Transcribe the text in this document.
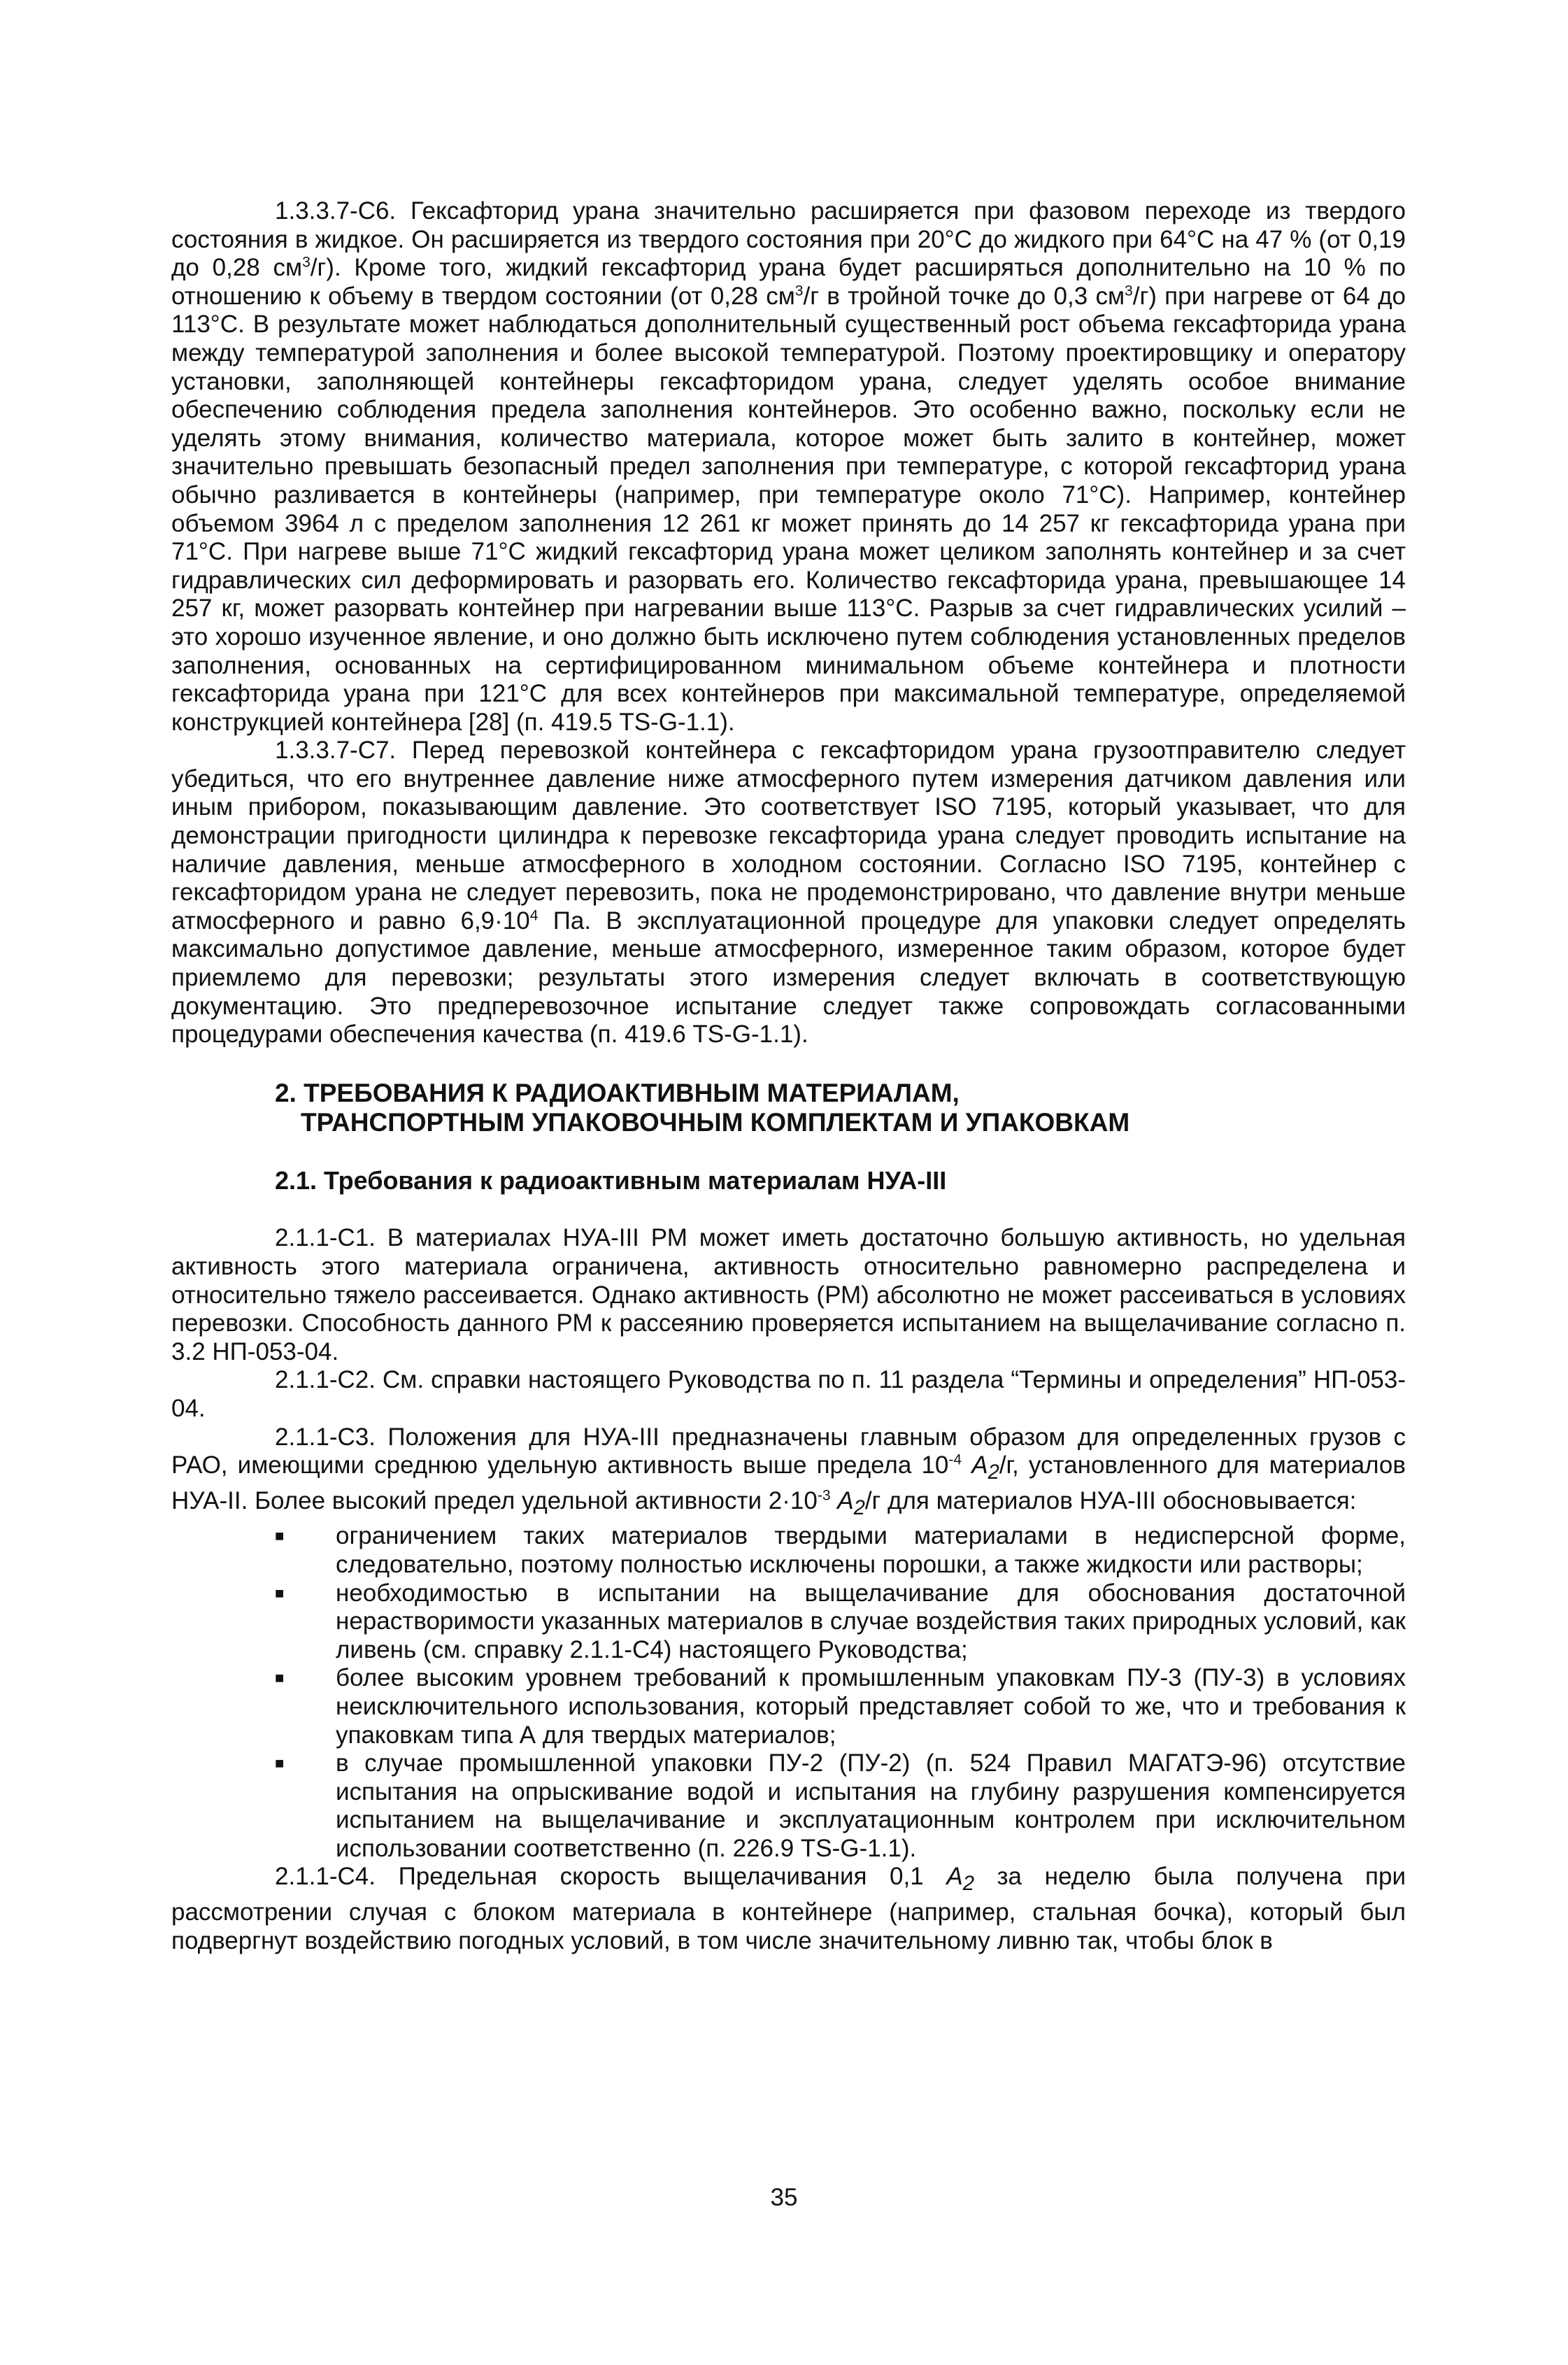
1.3.3.7-С6. Гексафторид урана значительно расширяется при фазовом переходе из твердого состояния в жидкое. Он расширяется из твердого состояния при 20°С до жидкого при 64°С на 47 % (от 0,19 до 0,28 $см^3/г$). Кроме того, жидкий гексафторид урана будет расширяться дополнительно на 10 % по отношению к объему в твердом состоянии (от 0,28 $см^3/г$ в тройной точке до 0,3 $см^3/г$) при нагреве от 64 до 113°С. В результате может наблюдаться дополнительный существенный рост объема гексафторида урана между температурой заполнения и более высокой температурой. Поэтому проектировщику и оператору установки, заполняющей контейнеры гексафторидом урана, следует уделять особое внимание обеспечению соблюдения предела заполнения контейнеров. Это особенно важно, поскольку если не уделять этому внимания, количество материала, которое может быть залито в контейнер, может значительно превышать безопасный предел заполнения при температуре, с которой гексафторид урана обычно разливается в контейнеры (например, при температуре около 71°С). Например, контейнер объемом 3964 л с пределом заполнения 12 261 кг может принять до 14 257 кг гексафторида урана при 71°С. При нагреве выше 71°С жидкий гексафторид урана может целиком заполнять контейнер и за счет гидравлических сил деформировать и разорвать его. Количество гексафторида урана, превышающее 14 257 кг, может разорвать контейнер при нагревании выше 113°С. Разрыв за счет гидравлических усилий – это хорошо изученное явление, и оно должно быть исключено путем соблюдения установленных пределов заполнения, основанных на сертифицированном минимальном объеме контейнера и плотности гексафторида урана при 121°С для всех контейнеров при максимальной температуре, определяемой конструкцией контейнера [28] (п. 419.5 TS-G-1.1).

1.3.3.7-С7. Перед перевозкой контейнера с гексафторидом урана грузоотправителю следует убедиться, что его внутреннее давление ниже атмосферного путем измерения датчиком давления или иным прибором, показывающим давление. Это соответствует ISO 7195, который указывает, что для демонстрации пригодности цилиндра к перевозке гексафторида урана следует проводить испытание на наличие давления, меньше атмосферного в холодном состоянии. Согласно ISO 7195, контейнер с гексафторидом урана не следует перевозить, пока не продемонстрировано, что давление внутри меньше атмосферного и равно $6,9\cdot 10^4$ Па. В эксплуатационной процедуре для упаковки следует определять максимально допустимое давление, меньше атмосферного, измеренное таким образом, которое будет приемлемо для перевозки; результаты этого измерения следует включать в соответствующую документацию. Это предперевозочное испытание следует также сопровождать согласованными процедурами обеспечения качества (п. 419.6 TS-G-1.1).

2. ТРЕБОВАНИЯ К РАДИОАКТИВНЫМ МАТЕРИАЛАМ,
ТРАНСПОРТНЫМ УПАКОВОЧНЫМ КОМПЛЕКТАМ И УПАКОВКАМ
2.1. Требования к радиоактивным материалам НУА-III

2.1.1-С1. В материалах НУА-III РМ может иметь достаточно большую активность, но удельная активность этого материала ограничена, активность относительно равномерно распределена и относительно тяжело рассеивается. Однако активность (РМ) абсолютно не может рассеиваться в условиях перевозки. Способность данного РМ к рассеянию проверяется испытанием на выщелачивание согласно п. 3.2 НП-053-04.

2.1.1-С2. См. справки настоящего Руководства по п. 11 раздела “Термины и определения” НП-053-04.

2.1.1-С3. Положения для НУА-III предназначены главным образом для определенных грузов с РАО, имеющими среднюю удельную активность выше предела $10^{-4}$ $A_2/г$, установленного для материалов НУА-II. Более высокий предел удельной активности $2\cdot 10^{-3}$ $A_2/г$ для материалов НУА-III обосновывается:

■ ограничением таких материалов твердыми материалами в недисперсной форме, следовательно, поэтому полностью исключены порошки, а также жидкости или растворы;
■ необходимостью в испытании на выщелачивание для обоснования достаточной нерастворимости указанных материалов в случае воздействия таких природных условий, как ливень (см. справку 2.1.1-С4) настоящего Руководства;
■ более высоким уровнем требований к промышленным упаковкам ПУ-3 (ПУ-3) в условиях неисключительного использования, который представляет собой то же, что и требования к упаковкам типа А для твердых материалов;
■ в случае промышленной упаковки ПУ-2 (ПУ-2) (п. 524 Правил МАГАТЭ-96) отсутствие испытания на опрыскивание водой и испытания на глубину разрушения компенсируется испытанием на выщелачивание и эксплуатационным контролем при исключительном использовании соответственно (п. 226.9 TS-G-1.1).

2.1.1-С4. Предельная скорость выщелачивания 0,1 $A_2$ за неделю была получена при рассмотрении случая с блоком материала в контейнере (например, стальная бочка), который был подвергнут воздействию погодных условий, в том числе значительному ливню так, чтобы блок в

35
